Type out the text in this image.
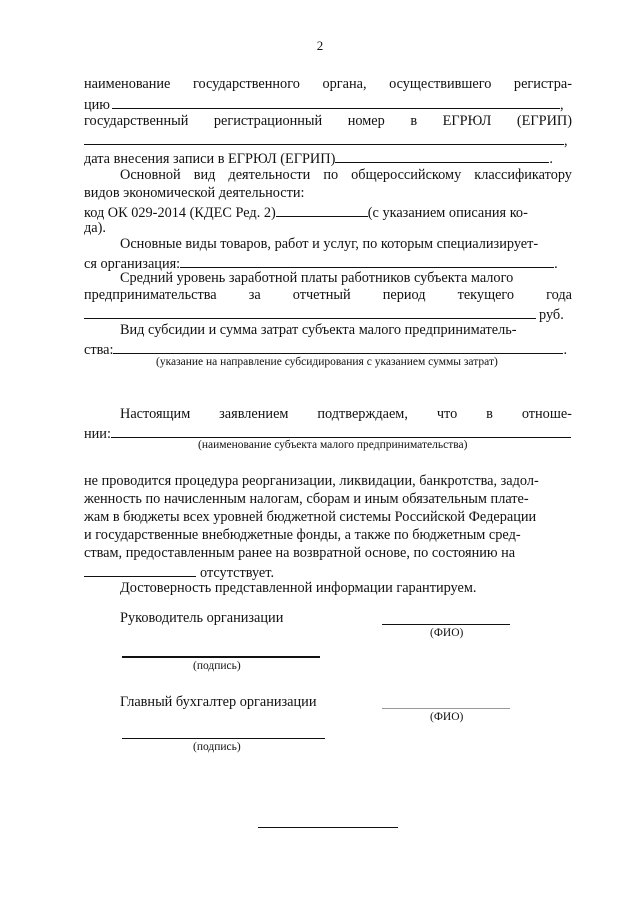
2
наименование государственного органа, осуществившего регистра-
цию	,
государственный регистрационный номер в ЕГРЮЛ (ЕГРИП)
,
дата внесения записи в ЕГРЮЛ (ЕГРИП)	.
Основной вид деятельности по общероссийскому классификатору
видов экономической деятельности:
код ОК 029-2014 (КДЕС Ред. 2)	(с указанием описания ко-
да).
Основные виды товаров, работ и услуг, по которым специализирует-
ся организация:	.
Средний уровень заработной платы работников субъекта малого
предпринимательства за отчетный период текущего года
руб.
Вид субсидии и сумма затрат субъекта малого предприниматель-
ства:	.
(указание на направление субсидирования с указанием суммы затрат)
Настоящим заявлением подтверждаем, что в отноше-
нии:
(наименование субъекта малого предпринимательства)
не проводится процедура реорганизации, ликвидации, банкротства, задол-
женность по начисленным налогам, сборам и иным обязательным плате-
жам в бюджеты всех уровней бюджетной системы Российской Федерации
и государственные внебюджетные фонды, а также по бюджетным сред-
ствам, предоставленным ранее на возвратной основе, по состоянию на
отсутствует.
Достоверность представленной информации гарантируем.
Руководитель организации
(ФИО)
(подпись)
Главный бухгалтер организации
(ФИО)
(подпись)
